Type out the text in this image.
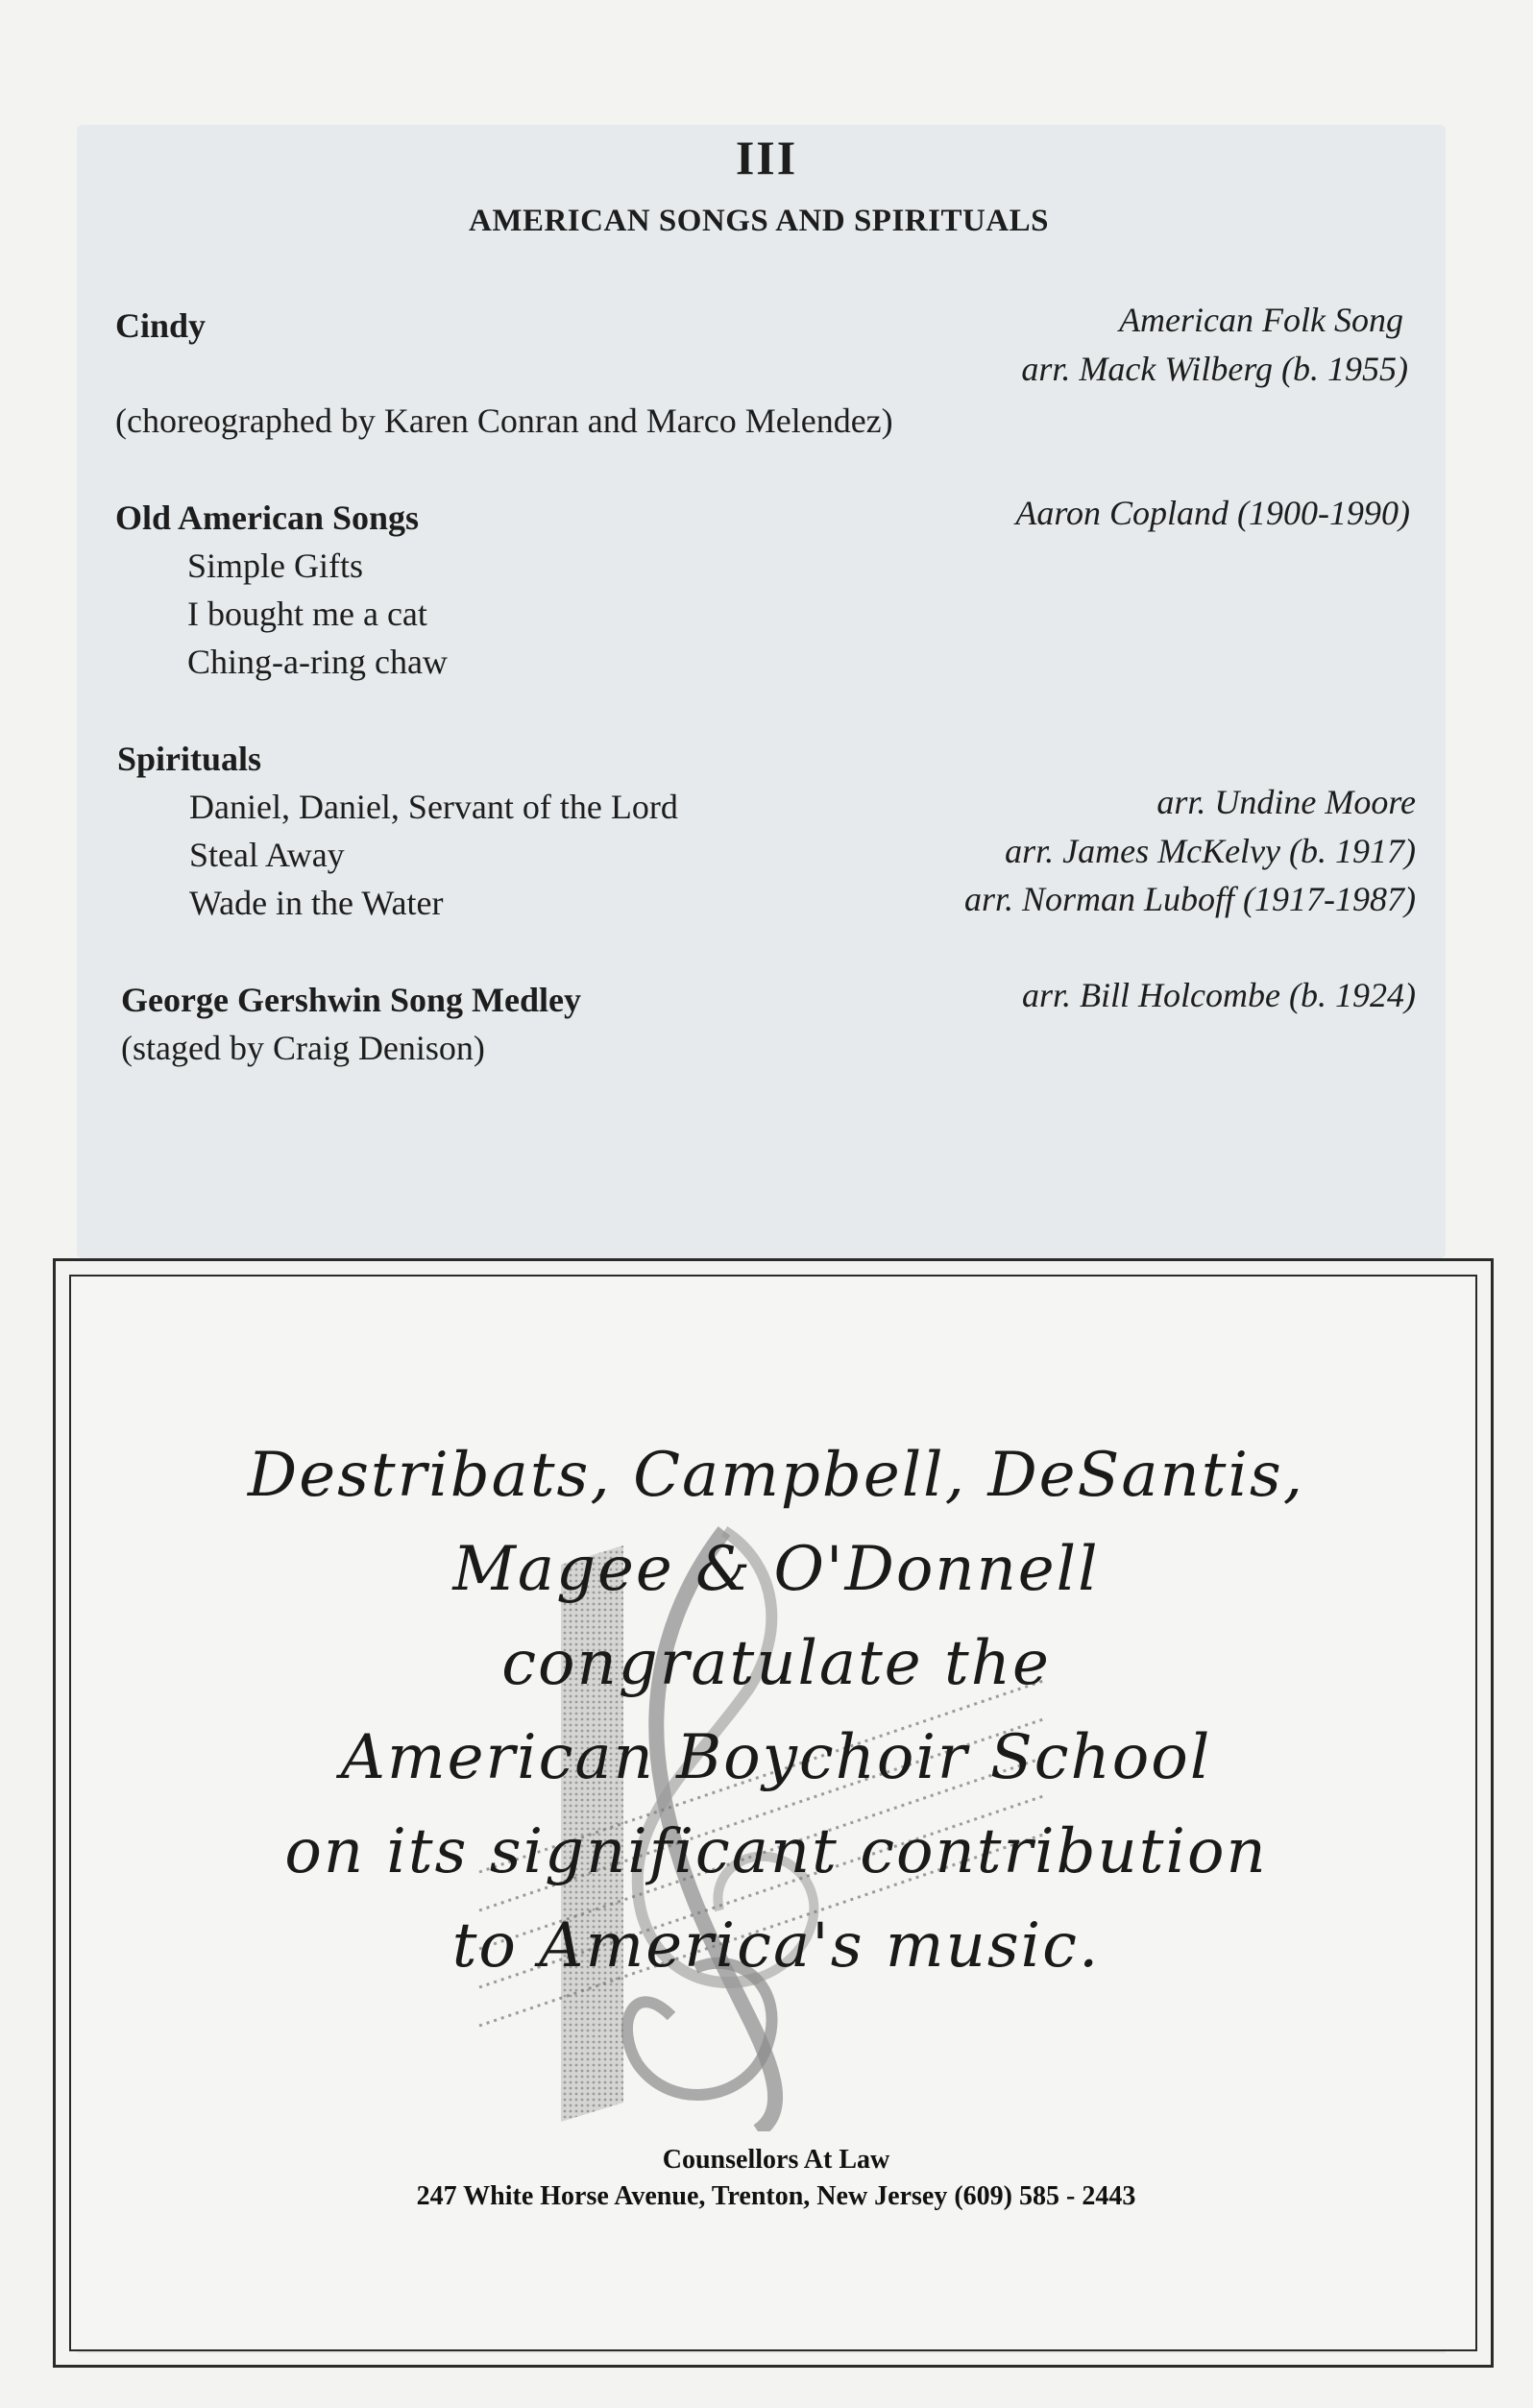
III
AMERICAN SONGS AND SPIRITUALS
Cindy	American Folk Song
arr. Mack Wilberg (b. 1955)
(choreographed by Karen Conran and Marco Melendez)
Old American Songs	Aaron Copland (1900-1990)
Simple Gifts
I bought me a cat
Ching-a-ring chaw
Spirituals
Daniel, Daniel, Servant of the Lord	arr. Undine Moore
Steal Away	arr. James McKelvy (b. 1917)
Wade in the Water	arr. Norman Luboff (1917-1987)
George Gershwin Song Medley	arr. Bill Holcombe (b. 1924)
(staged by Craig Denison)
Destribats, Campbell, DeSantis,
Magee & O'Donnell
congratulate the
American Boychoir School
on its significant contribution
to America's music.
Counsellors At Law
247 White Horse Avenue, Trenton, New Jersey (609) 585 - 2443
